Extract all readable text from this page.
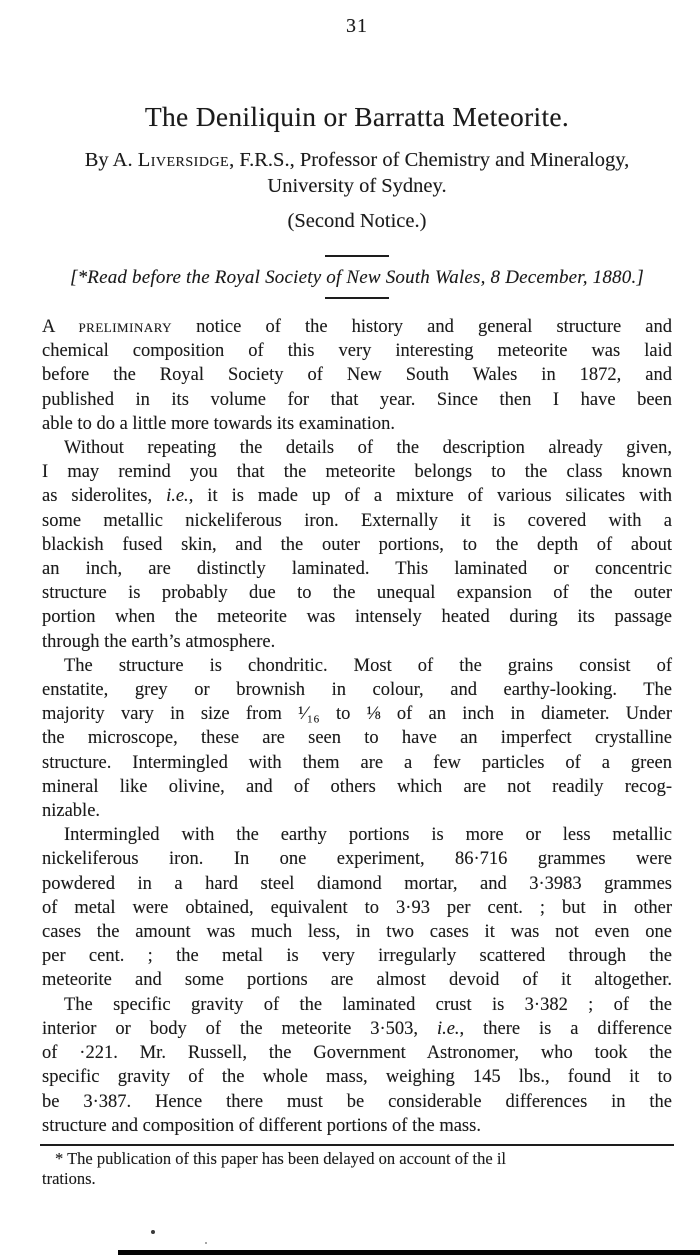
31
The Deniliquin or Barratta Meteorite.
By A. Liversidge, F.R.S., Professor of Chemistry and Mineralogy,
University of Sydney.
(Second Notice.)
[*Read before the Royal Society of New South Wales, 8 December, 1880.]
A preliminary notice of the history and general structure and
chemical composition of this very interesting meteorite was laid
before the Royal Society of New South Wales in 1872, and
published in its volume for that year. Since then I have been
able to do a little more towards its examination.
Without repeating the details of the description already given,
I may remind you that the meteorite belongs to the class known
as siderolites, i.e., it is made up of a mixture of various silicates with
some metallic nickeliferous iron. Externally it is covered with a
blackish fused skin, and the outer portions, to the depth of about
an inch, are distinctly laminated. This laminated or concentric
structure is probably due to the unequal expansion of the outer
portion when the meteorite was intensely heated during its passage
through the earth’s atmosphere.
The structure is chondritic. Most of the grains consist of
enstatite, grey or brownish in colour, and earthy-looking. The
majority vary in size from ¹⁄₁₆ to ⅛ of an inch in diameter. Under
the microscope, these are seen to have an imperfect crystalline
structure. Intermingled with them are a few particles of a green
mineral like olivine, and of others which are not readily recog-
nizable.
Intermingled with the earthy portions is more or less metallic
nickeliferous iron. In one experiment, 86·716 grammes were
powdered in a hard steel diamond mortar, and 3·3983 grammes
of metal were obtained, equivalent to 3·93 per cent. ; but in other
cases the amount was much less, in two cases it was not even one
per cent. ; the metal is very irregularly scattered through the
meteorite and some portions are almost devoid of it altogether.
The specific gravity of the laminated crust is 3·382 ; of the
interior or body of the meteorite 3·503, i.e., there is a difference
of ·221. Mr. Russell, the Government Astronomer, who took the
specific gravity of the whole mass, weighing 145 lbs., found it to
be 3·387. Hence there must be considerable differences in the
structure and composition of different portions of the mass.
* The publication of this paper has been delayed on account of the il
trations.
